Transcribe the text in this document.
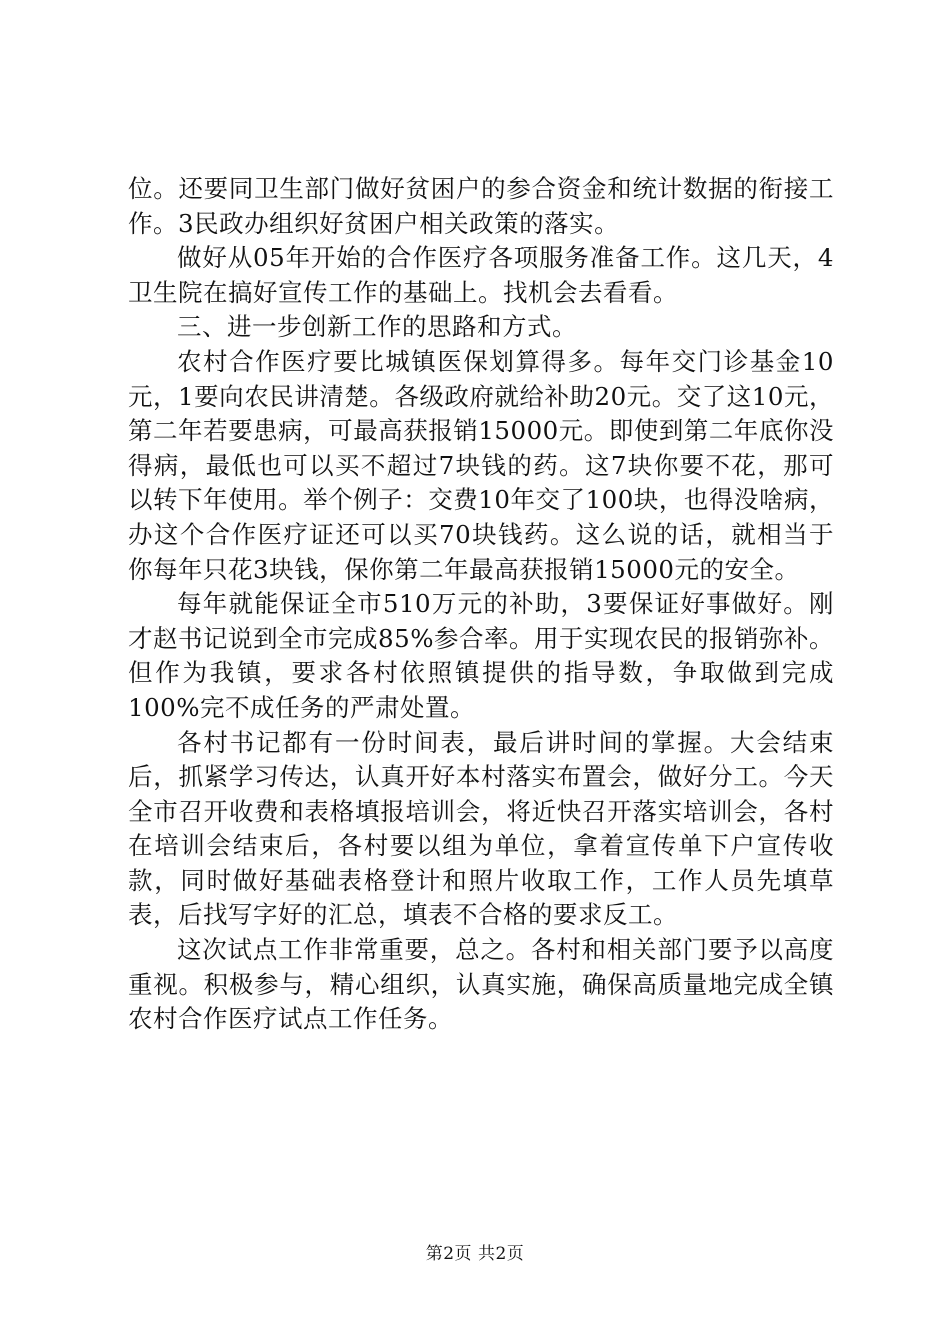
位。还要同卫生部门做好贫困户的参合资金和统计数据的衔接工作。3民政办组织好贫困户相关政策的落实。

做好从05年开始的合作医疗各项服务准备工作。这几天，4卫生院在搞好宣传工作的基础上。找机会去看看。

三、进一步创新工作的思路和方式。

农村合作医疗要比城镇医保划算得多。每年交门诊基金10元，1要向农民讲清楚。各级政府就给补助20元。交了这10元，第二年若要患病，可最高获报销15000元。即使到第二年底你没得病，最低也可以买不超过7块钱的药。这7块你要不花，那可以转下年使用。举个例子：交费10年交了100块，也得没啥病，办这个合作医疗证还可以买70块钱药。这么说的话，就相当于你每年只花3块钱，保你第二年最高获报销15000元的安全。

每年就能保证全市510万元的补助，3要保证好事做好。刚才赵书记说到全市完成85%参合率。用于实现农民的报销弥补。但作为我镇，要求各村依照镇提供的指导数，争取做到完成100%完不成任务的严肃处置。

各村书记都有一份时间表，最后讲时间的掌握。大会结束后，抓紧学习传达，认真开好本村落实布置会，做好分工。今天全市召开收费和表格填报培训会，将近快召开落实培训会，各村在培训会结束后，各村要以组为单位，拿着宣传单下户宣传收款，同时做好基础表格登计和照片收取工作，工作人员先填草表，后找写字好的汇总，填表不合格的要求反工。

这次试点工作非常重要，总之。各村和相关部门要予以高度重视。积极参与，精心组织，认真实施，确保高质量地完成全镇农村合作医疗试点工作任务。

第2页 共2页
